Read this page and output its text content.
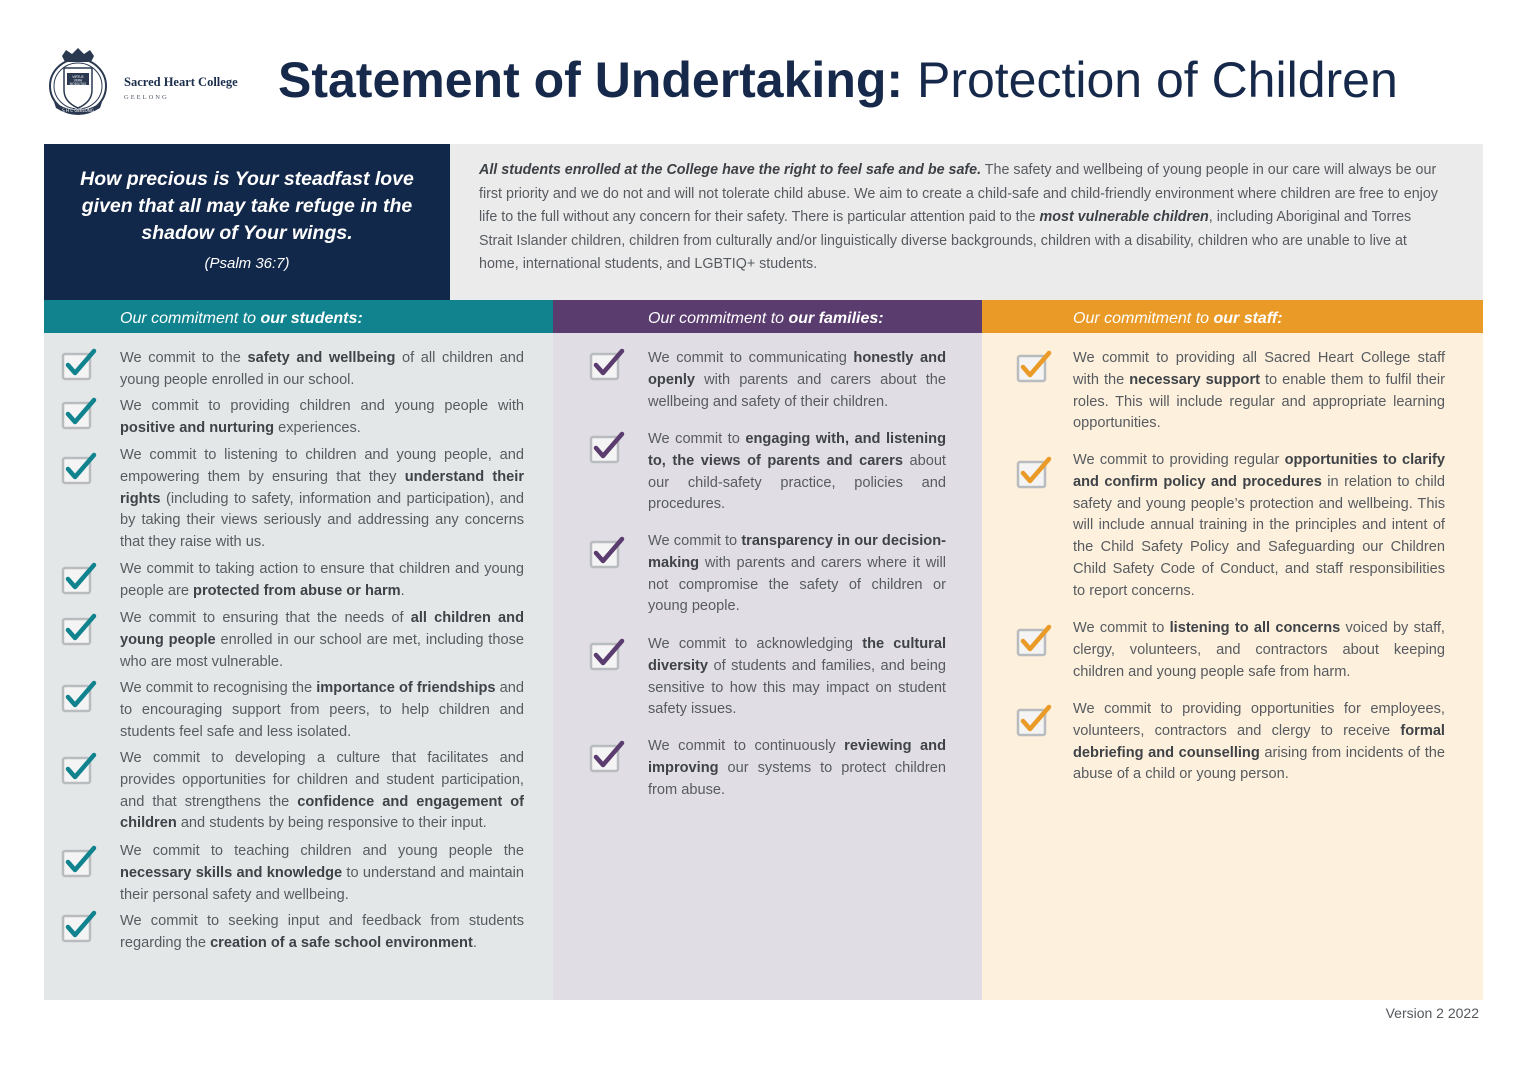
VIRTUS
VERA
NOBILITAS
S H C GEELONG
Sacred Heart College
GEELONG Statement of Undertaking: Protection of Children
How precious is Your steadfast love given that all may take refuge in the shadow of Your wings.
(Psalm 36:7)
All students enrolled at the College have the right to feel safe and be safe. The safety and wellbeing of young people in our care will always be our first priority and we do not and will not tolerate child abuse. We aim to create a child-safe and child-friendly environment where children are free to enjoy life to the full without any concern for their safety. There is particular attention paid to the most vulnerable children, including Aboriginal and Torres Strait Islander children, children from culturally and/or linguistically diverse backgrounds, children with a disability, children who are unable to live at home, international students, and LGBTIQ+ students.
Our commitment to our students:
We commit to the safety and wellbeing of all children and young people enrolled in our school.
We commit to providing children and young people with positive and nurturing experiences.
We commit to listening to children and young people, and empowering them by ensuring that they understand their rights (including to safety, information and participation), and by taking their views seriously and addressing any concerns that they raise with us.
We commit to taking action to ensure that children and young people are protected from abuse or harm.
We commit to ensuring that the needs of all children and young people enrolled in our school are met, including those who are most vulnerable.
We commit to recognising the importance of friendships and to encouraging support from peers, to help children and students feel safe and less isolated.
We commit to developing a culture that facilitates and provides opportunities for children and student participation, and that strengthens the confidence and engagement of children and students by being responsive to their input.
We commit to teaching children and young people the necessary skills and knowledge to understand and maintain their personal safety and wellbeing.
We commit to seeking input and feedback from students regarding the creation of a safe school environment.
Our commitment to our families:
We commit to communicating honestly and openly with parents and carers about the wellbeing and safety of their children.
We commit to engaging with, and listening to, the views of parents and carers about our child-safety practice, policies and procedures.
We commit to transparency in our decision-making with parents and carers where it will not compromise the safety of children or young people.
We commit to acknowledging the cultural diversity of students and families, and being sensitive to how this may impact on student safety issues.
We commit to continuously reviewing and improving our systems to protect children from abuse.
Our commitment to our staff:
We commit to providing all Sacred Heart College staff with the necessary support to enable them to fulfil their roles. This will include regular and appropriate learning opportunities.
We commit to providing regular opportunities to clarify and confirm policy and procedures in relation to child safety and young people’s protection and wellbeing. This will include annual training in the principles and intent of the Child Safety Policy and Safeguarding our Children Child Safety Code of Conduct, and staff responsibilities to report concerns.
We commit to listening to all concerns voiced by staff, clergy, volunteers, and contractors about keeping children and young people safe from harm.
We commit to providing opportunities for employees, volunteers, contractors and clergy to receive formal debriefing and counselling arising from incidents of the abuse of a child or young person.
Version 2 2022
